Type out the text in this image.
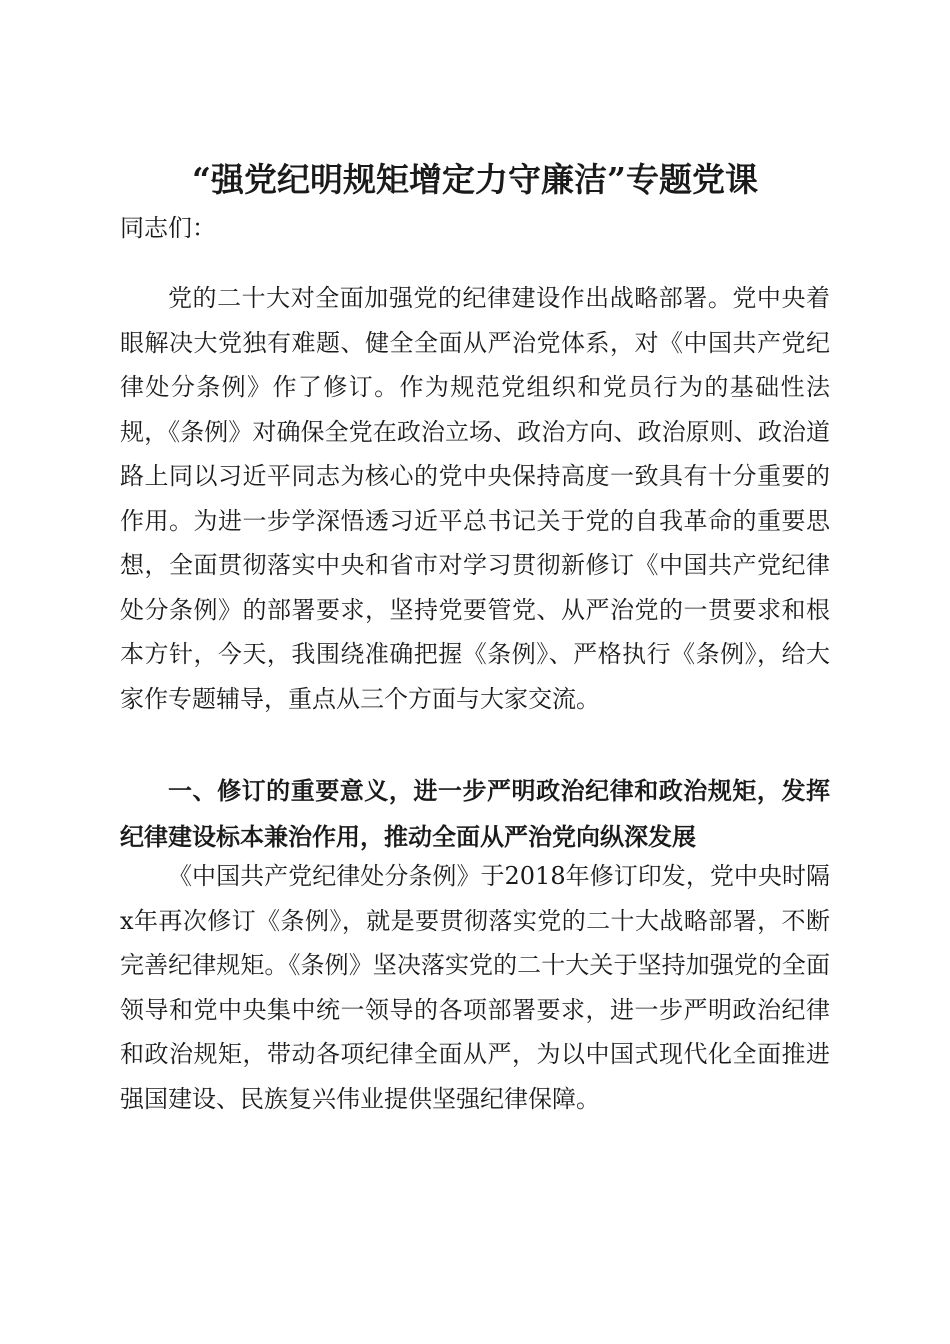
“强党纪明规矩增定力守廉洁”专题党课

同志们：

党的二十大对全面加强党的纪律建设作出战略部署。党中央着眼解决大党独有难题、健全全面从严治党体系，对《中国共产党纪律处分条例》作了修订。作为规范党组织和党员行为的基础性法规，《条例》对确保全党在政治立场、政治方向、政治原则、政治道路上同以习近平同志为核心的党中央保持高度一致具有十分重要的作用。为进一步学深悟透习近平总书记关于党的自我革命的重要思想，全面贯彻落实中央和省市对学习贯彻新修订《中国共产党纪律处分条例》的部署要求，坚持党要管党、从严治党的一贯要求和根本方针，今天，我围绕准确把握《条例》、严格执行《条例》，给大家作专题辅导，重点从三个方面与大家交流。

一、修订的重要意义，进一步严明政治纪律和政治规矩，发挥纪律建设标本兼治作用，推动全面从严治党向纵深发展

《中国共产党纪律处分条例》于2018年修订印发，党中央时隔x年再次修订《条例》，就是要贯彻落实党的二十大战略部署，不断完善纪律规矩。《条例》坚决落实党的二十大关于坚持加强党的全面领导和党中央集中统一领导的各项部署要求，进一步严明政治纪律和政治规矩，带动各项纪律全面从严，为以中国式现代化全面推进强国建设、民族复兴伟业提供坚强纪律保障。
